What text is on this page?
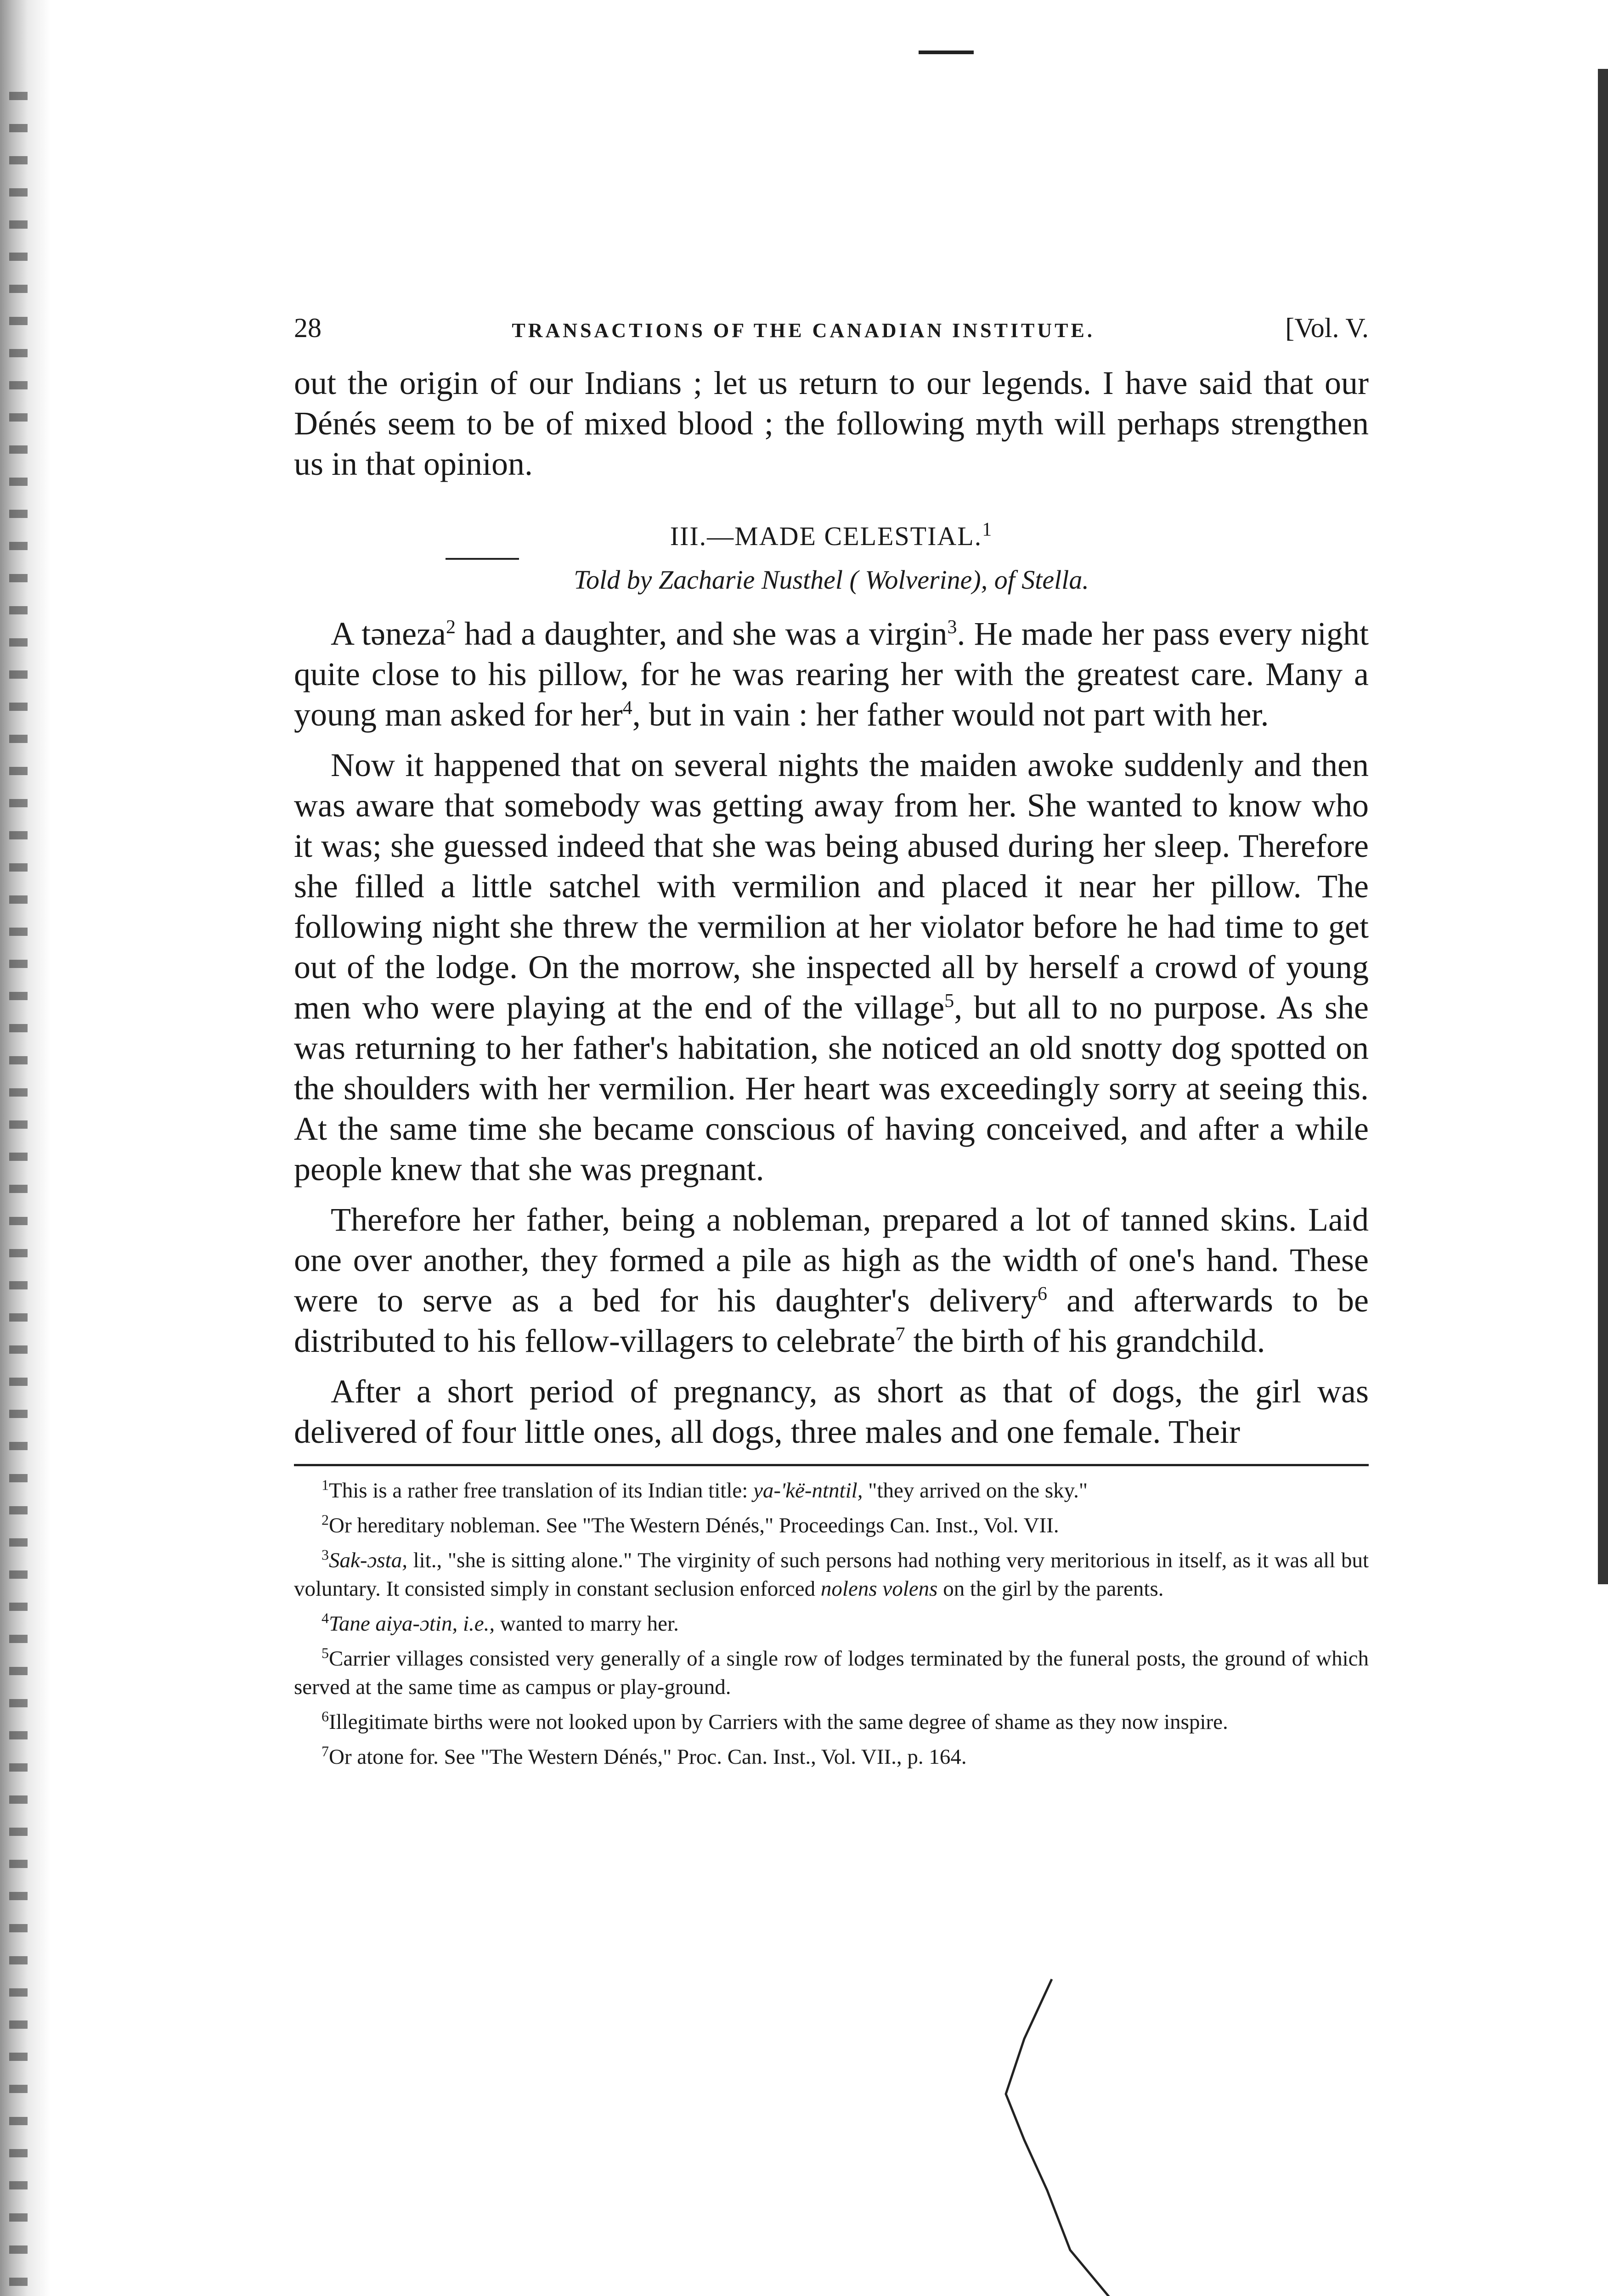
28	TRANSACTIONS OF THE CANADIAN INSTITUTE.	[Vol. V.

out the origin of our Indians ; let us return to our legends. I have said that our Dénés seem to be of mixed blood ; the following myth will perhaps strengthen us in that opinion.

III.—MADE CELESTIAL.$^1$
Told by Zacharie Nusthel ( Wolverine), of Stella.

A təneza$^2$ had a daughter, and she was a virgin$^3$. He made her pass every night quite close to his pillow, for he was rearing her with the greatest care. Many a young man asked for her$^4$, but in vain : her father would not part with her.

Now it happened that on several nights the maiden awoke suddenly and then was aware that somebody was getting away from her. She wanted to know who it was; she guessed indeed that she was being abused during her sleep. Therefore she filled a little satchel with vermilion and placed it near her pillow. The following night she threw the vermilion at her violator before he had time to get out of the lodge. On the morrow, she inspected all by herself a crowd of young men who were playing at the end of the village$^5$, but all to no purpose. As she was returning to her father's habitation, she noticed an old snotty dog spotted on the shoulders with her vermilion. Her heart was exceedingly sorry at seeing this. At the same time she became conscious of having conceived, and after a while people knew that she was pregnant.

Therefore her father, being a nobleman, prepared a lot of tanned skins. Laid one over another, they formed a pile as high as the width of one's hand. These were to serve as a bed for his daughter's delivery$^6$ and afterwards to be distributed to his fellow-villagers to celebrate$^7$ the birth of his grandchild.

After a short period of pregnancy, as short as that of dogs, the girl was delivered of four little ones, all dogs, three males and one female. Their

$^1$This is a rather free translation of its Indian title: ya-'kë-ntntil, "they arrived on the sky."

$^2$Or hereditary nobleman. See "The Western Dénés," Proceedings Can. Inst., Vol. VII.

$^3$Sak-ɔsta, lit., "she is sitting alone." The virginity of such persons had nothing very meritorious in itself, as it was all but voluntary. It consisted simply in constant seclusion enforced nolens volens on the girl by the parents.

$^4$Tane aiya-ɔtin, i.e., wanted to marry her.

$^5$Carrier villages consisted very generally of a single row of lodges terminated by the funeral posts, the ground of which served at the same time as campus or play-ground.

$^6$Illegitimate births were not looked upon by Carriers with the same degree of shame as they now inspire.

$^7$Or atone for. See "The Western Dénés," Proc. Can. Inst., Vol. VII., p. 164.
